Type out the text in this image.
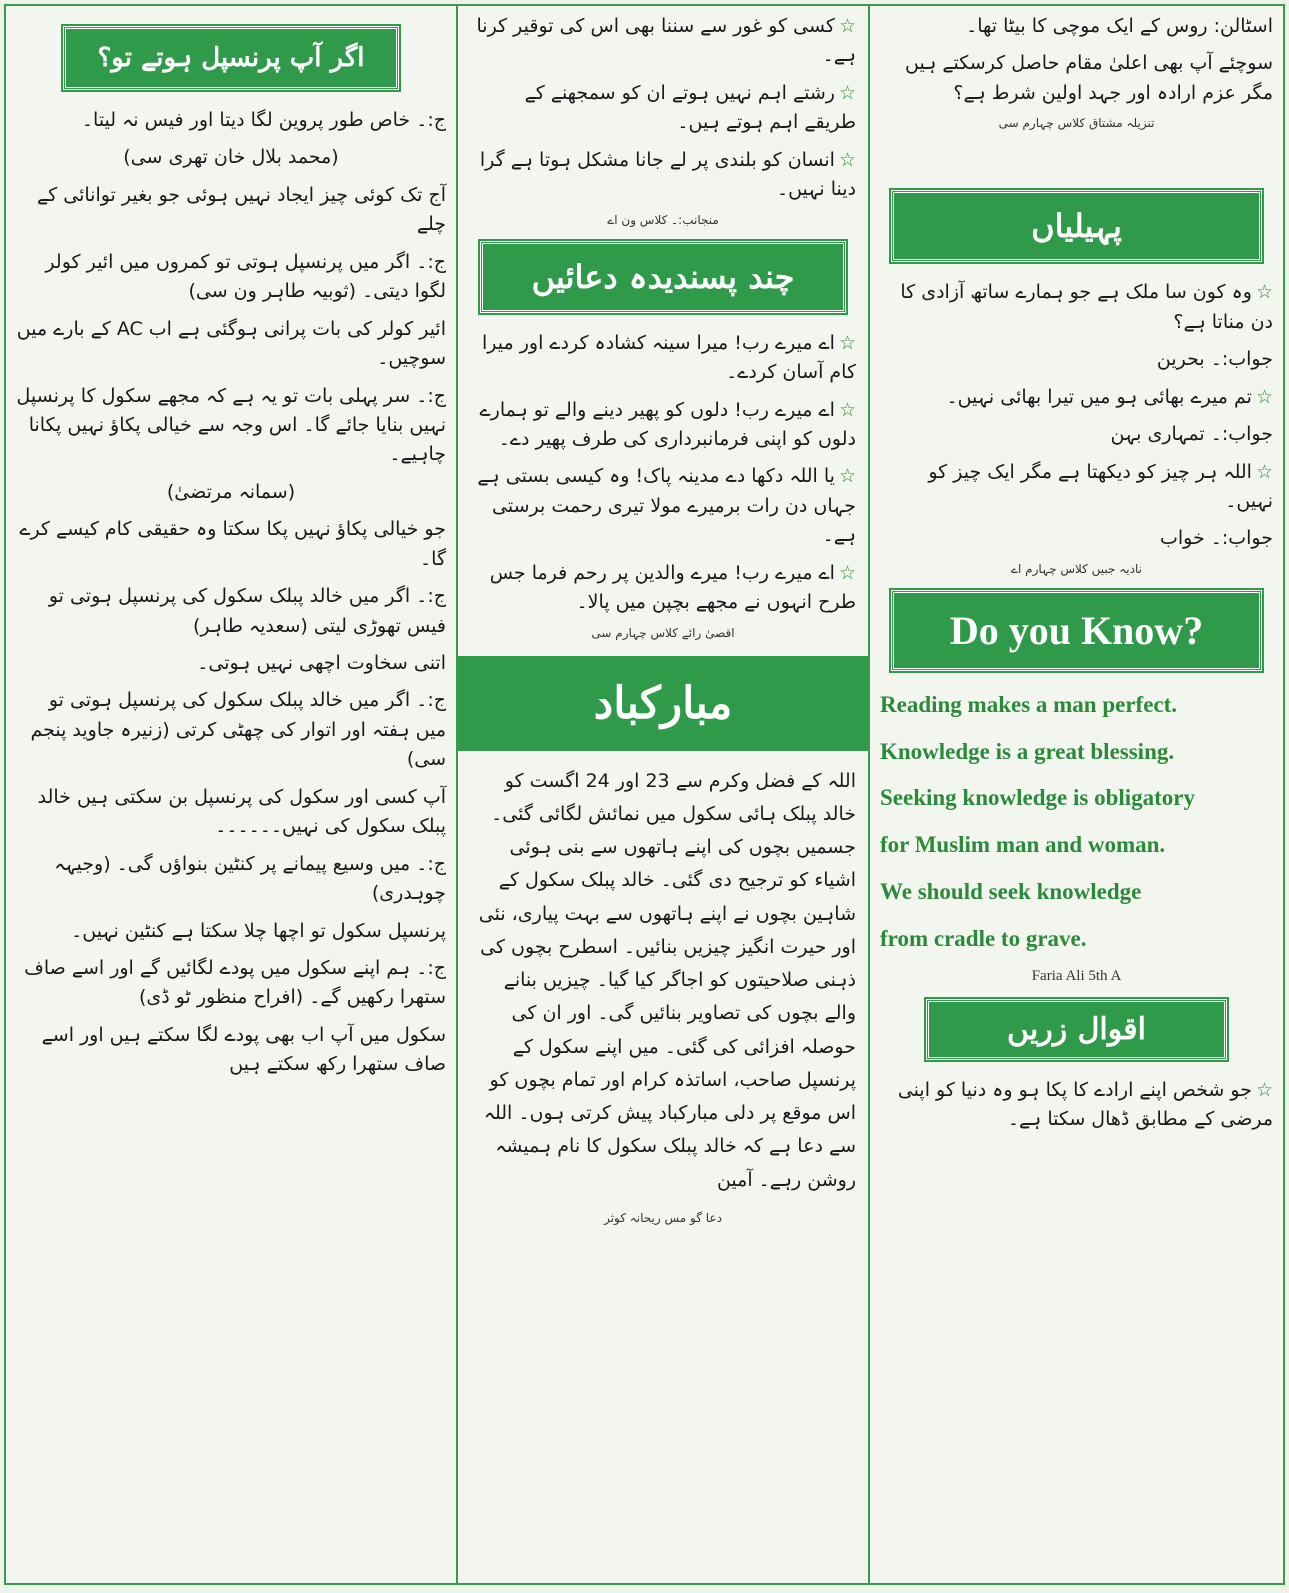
اسٹالن: روس کے ایک موچی کا بیٹا تھا۔

سوچئے آپ بھی اعلیٰ مقام حاصل کرسکتے ہیں مگر عزم ارادہ اور جہد اولین شرط ہے؟

تنزیلہ مشتاق کلاس چہارم سی

پہیلیاں

☆ وہ کون سا ملک ہے جو ہمارے ساتھ آزادی کا دن مناتا ہے؟

جواب:۔ بحرین

☆ تم میرے بھائی ہو میں تیرا بھائی نہیں۔

جواب:۔ تمہاری بہن

☆ اللہ ہر چیز کو دیکھتا ہے مگر ایک چیز کو نہیں۔

جواب:۔ خواب

نادیہ جبیں کلاس چہارم اے

Do you Know?

Reading makes a man perfect.

Knowledge is a great blessing.

Seeking knowledge is obligatory

for Muslim man and woman.

We should seek knowledge

from cradle to grave.

Faria Ali 5th A

اقوال زریں

☆ جو شخص اپنے ارادے کا پکا ہو وہ دنیا کو اپنی مرضی کے مطابق ڈھال سکتا ہے۔

☆ کسی کو غور سے سننا بھی اس کی توقیر کرنا ہے۔

☆ رشتے اہم نہیں ہوتے ان کو سمجھنے کے طریقے اہم ہوتے ہیں۔

☆ انسان کو بلندی پر لے جانا مشکل ہوتا ہے گرا دینا نہیں۔

منجانب:۔ کلاس ون اے

چند پسندیدہ دعائیں

☆ اے میرے رب! میرا سینہ کشادہ کردے اور میرا کام آسان کردے۔

☆ اے میرے رب! دلوں کو پھیر دینے والے تو ہمارے دلوں کو اپنی فرمانبرداری کی طرف پھیر دے۔

☆ یا اللہ دکھا دے مدینہ پاک! وہ کیسی بستی ہے جہاں دن رات برمیرے مولا تیری رحمت برستی ہے۔

☆ اے میرے رب! میرے والدین پر رحم فرما جس طرح انہوں نے مجھے بچپن میں پالا۔

اقصیٰ رائے کلاس چہارم سی

مبارکباد

اللہ کے فضل وکرم سے 23 اور 24 اگست کو خالد پبلک ہائی سکول میں نمائش لگائی گئی۔ جسمیں بچوں کی اپنے ہاتھوں سے بنی ہوئی اشیاء کو ترجیح دی گئی۔ خالد پبلک سکول کے شاہین بچوں نے اپنے ہاتھوں سے بہت پیاری، نئی اور حیرت انگیز چیزیں بنائیں۔ اسطرح بچوں کی ذہنی صلاحیتوں کو اجاگر کیا گیا۔ چیزیں بنانے والے بچوں کی تصاویر بنائیں گی۔ اور ان کی حوصلہ افزائی کی گئی۔ میں اپنے سکول کے پرنسپل صاحب، اساتذہ کرام اور تمام بچوں کو اس موقع پر دلی مبارکباد پیش کرتی ہوں۔ اللہ سے دعا ہے کہ خالد پبلک سکول کا نام ہمیشہ روشن رہے۔ آمین

دعا گو مس ریحانہ کوثر

اگر آپ پرنسپل ہوتے تو؟

ج:۔ خاص طور پروین لگا دیتا اور فیس نہ لیتا۔

(محمد بلال خان تھری سی)

آج تک کوئی چیز ایجاد نہیں ہوئی جو بغیر توانائی کے چلے

ج:۔ اگر میں پرنسپل ہوتی تو کمروں میں ائیر کولر لگوا دیتی۔ (ثوبیہ طاہر ون سی)

ائیر کولر کی بات پرانی ہوگئی ہے اب AC کے بارے میں سوچیں۔

ج:۔ سر پہلی بات تو یہ ہے کہ مجھے سکول کا پرنسپل نہیں بنایا جائے گا۔ اس وجہ سے خیالی پکاؤ نہیں پکانا چاہیے۔

(سمانہ مرتضیٰ)

جو خیالی پکاؤ نہیں پکا سکتا وہ حقیقی کام کیسے کرے گا۔

ج:۔ اگر میں خالد پبلک سکول کی پرنسپل ہوتی تو فیس تھوڑی لیتی (سعدیہ طاہر)

اتنی سخاوت اچھی نہیں ہوتی۔

ج:۔ اگر میں خالد پبلک سکول کی پرنسپل ہوتی تو میں ہفتہ اور اتوار کی چھٹی کرتی (زنیرہ جاوید پنجم سی)

آپ کسی اور سکول کی پرنسپل بن سکتی ہیں خالد پبلک سکول کی نہیں۔۔۔۔۔۔

ج:۔ میں وسیع پیمانے پر کنٹین بنواؤں گی۔ (وجیہہ چوہدری)

پرنسپل سکول تو اچھا چلا سکتا ہے کنٹین نہیں۔

ج:۔ ہم اپنے سکول میں پودے لگائیں گے اور اسے صاف ستھرا رکھیں گے۔ (افراح منظور ٹو ڈی)

سکول میں آپ اب بھی پودے لگا سکتے ہیں اور اسے صاف ستھرا رکھ سکتے ہیں
